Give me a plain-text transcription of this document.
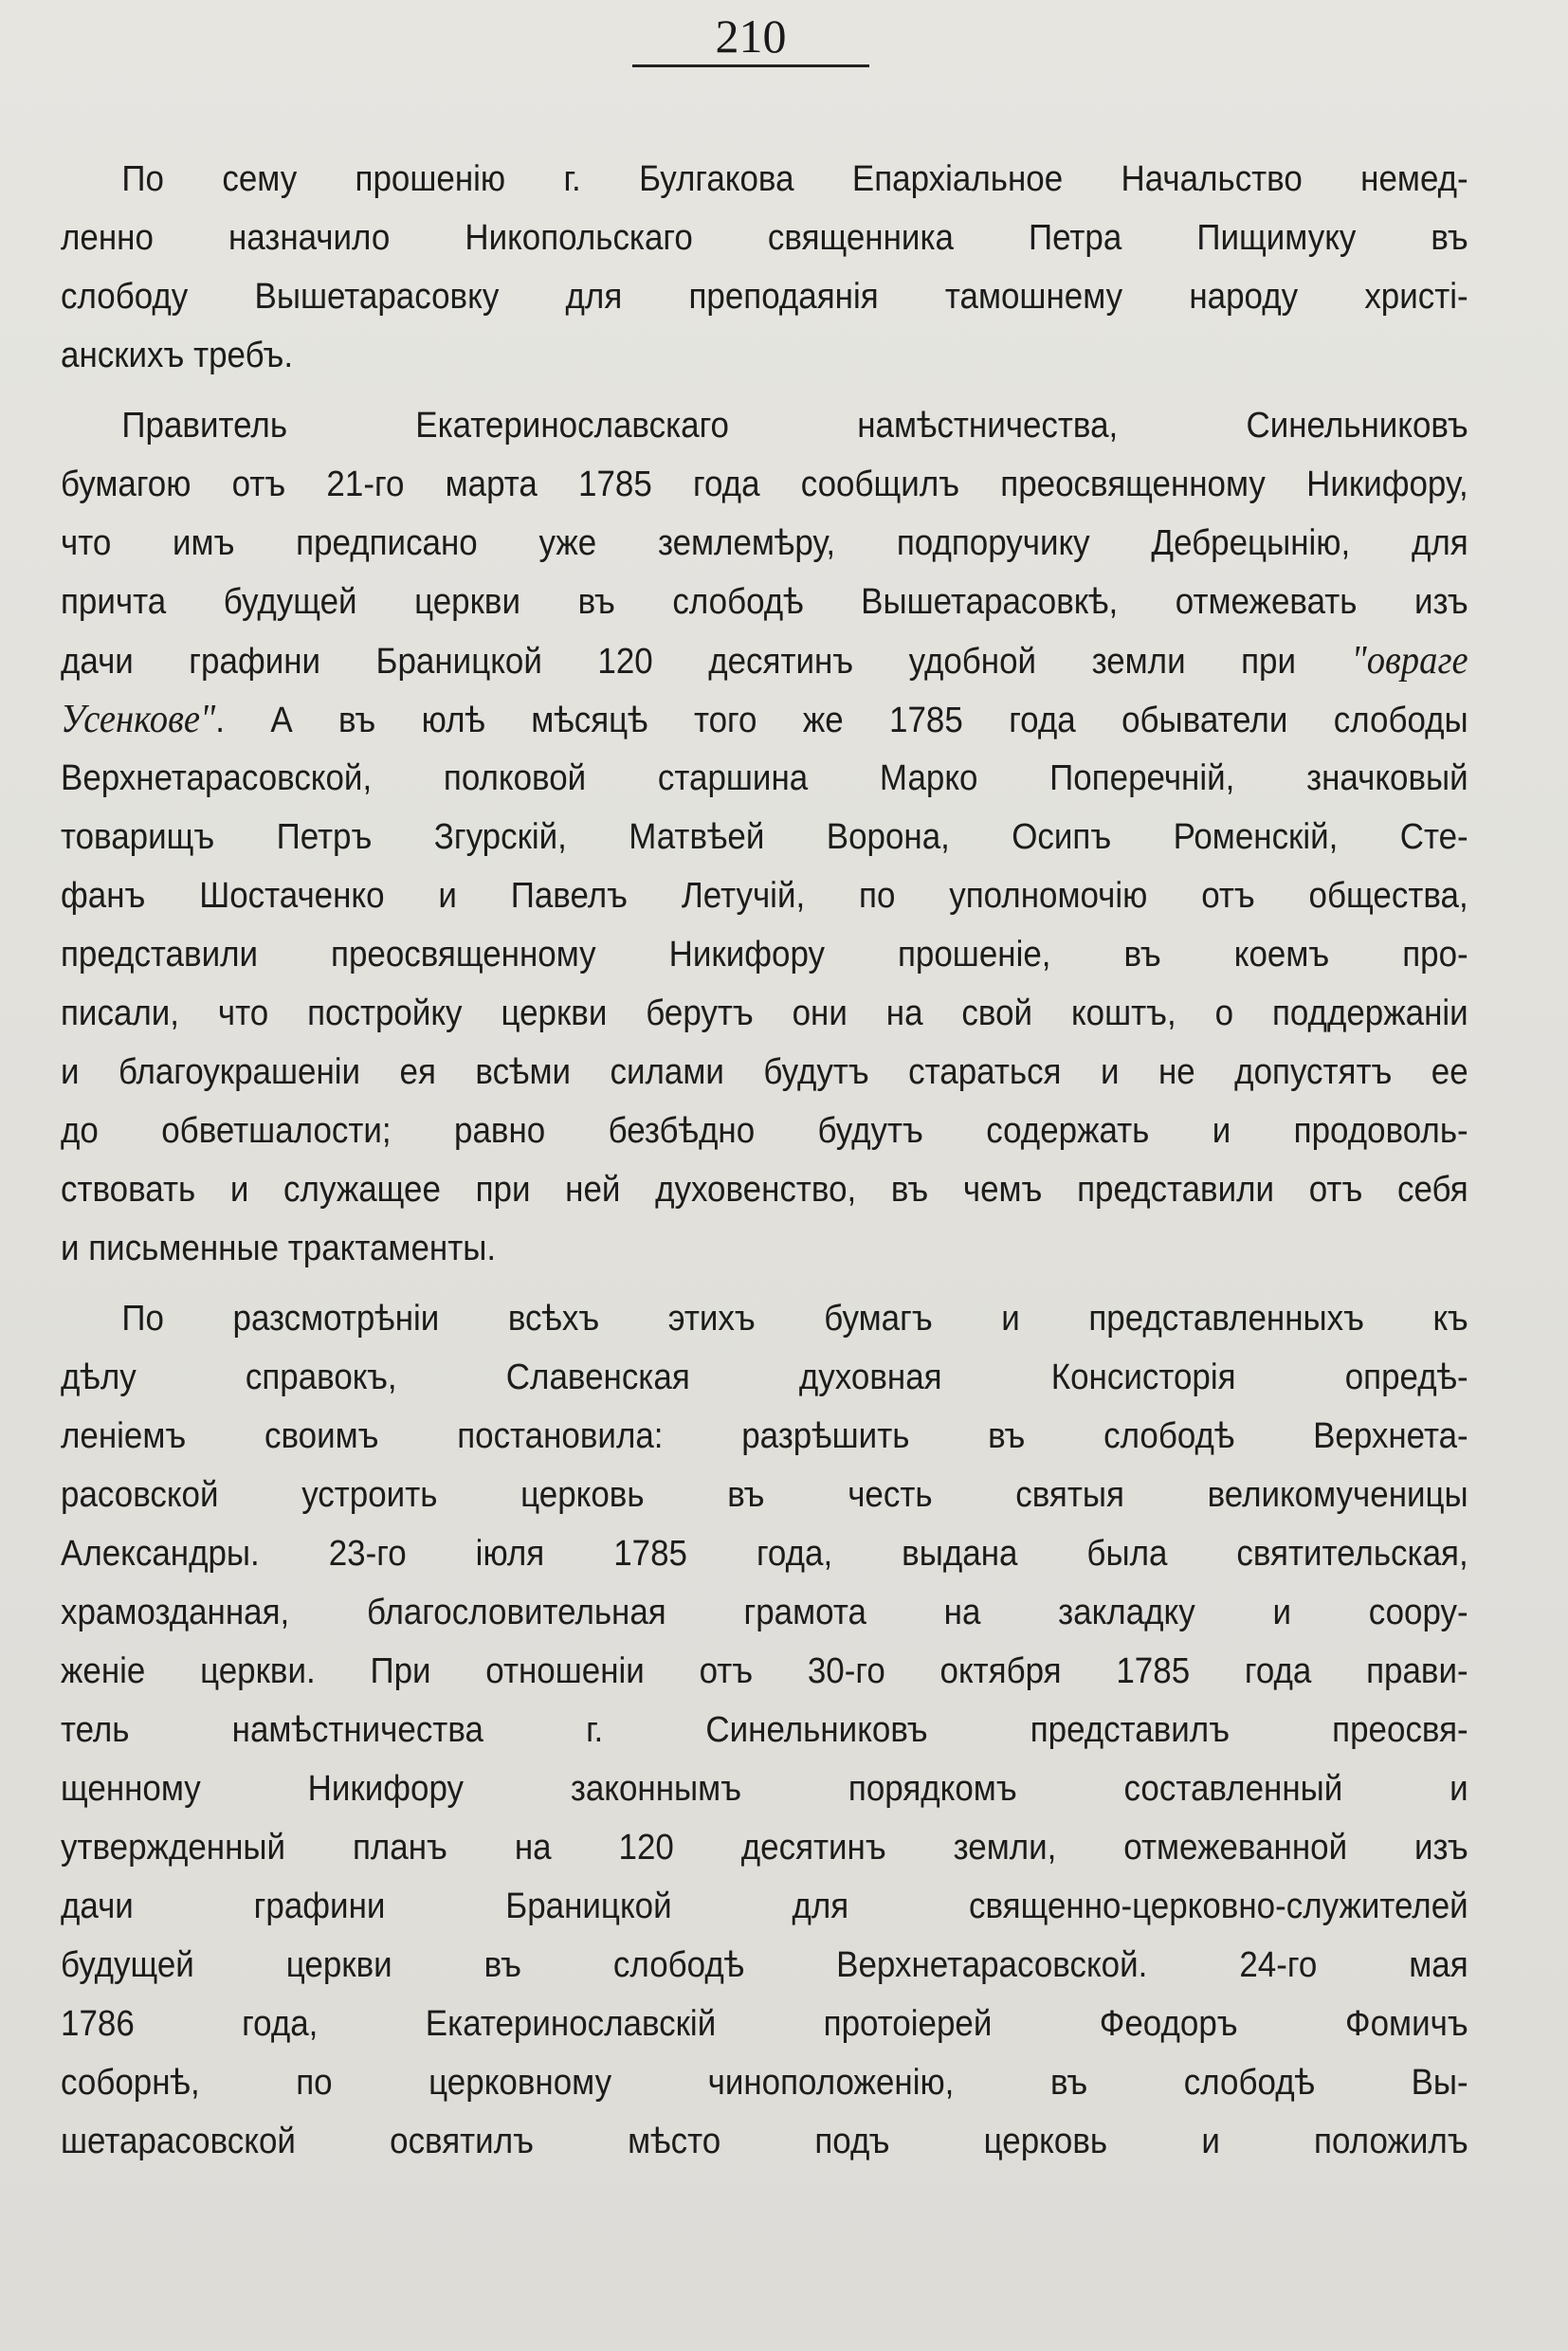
210

По сему прошенію г. Булгакова Епархіальное Начальство немед-
ленно назначило Никопольскаго священника Петра Пищимуку въ
слободу Вышетарасовку для преподаянія тамошнему народу христі-
анскихъ требъ.

Правитель Екатеринославскаго намѣстничества, Синельниковъ
бумагою отъ 21-го марта 1785 года сообщилъ преосвященному Никифору,
что имъ предписано уже землемѣру, подпоручику Дебрецынію, для
причта будущей церкви въ слободѣ Вышетарасовкѣ, отмежевать изъ
дачи графини Браницкой 120 десятинъ удобной земли при "овраге
Усенкове". А въ юлѣ мѣсяцѣ того же 1785 года обыватели слободы
Верхнетарасовской, полковой старшина Марко Поперечній, значковый
товарищъ Петръ Згурскій, Матвѣей Ворона, Осипъ Роменскій, Сте-
фанъ Шостаченко и Павелъ Летучій, по уполномочію отъ общества,
представили преосвященному Никифору прошеніе, въ коемъ про-
писали, что постройку церкви берутъ они на свой коштъ, о поддержаніи
и благоукрашеніи ея всѣми силами будутъ стараться и не допустятъ ее
до обветшалости; равно безбѣдно будутъ содержать и продоволь-
ствовать и служащее при ней духовенство, въ чемъ представили отъ себя
и письменные трактаменты.

По разсмотрѣніи всѣхъ этихъ бумагъ и представленныхъ къ
дѣлу справокъ, Славенская духовная Консисторія опредѣ-
леніемъ своимъ постановила: разрѣшить въ слободѣ Верхнета-
расовской устроить церковь въ честь святыя великомученицы
Александры. 23-го іюля 1785 года, выдана была святительская,
храмозданная, благословительная грамота на закладку и соору-
женіе церкви. При отношеніи отъ 30-го октября 1785 года прави-
тель намѣстничества г. Синельниковъ представилъ преосвя-
щенному Никифору законнымъ порядкомъ составленный и
утвержденный планъ на 120 десятинъ земли, отмежеванной изъ
дачи графини Браницкой для священно-церковно-служителей
будущей церкви въ слободѣ Верхнетарасовской. 24-го мая
1786 года, Екатеринославскій протоіерей Феодоръ Фомичъ
соборнѣ, по церковному чиноположенію, въ слободѣ Вы-
шетарасовской освятилъ мѣсто подъ церковь и положилъ
